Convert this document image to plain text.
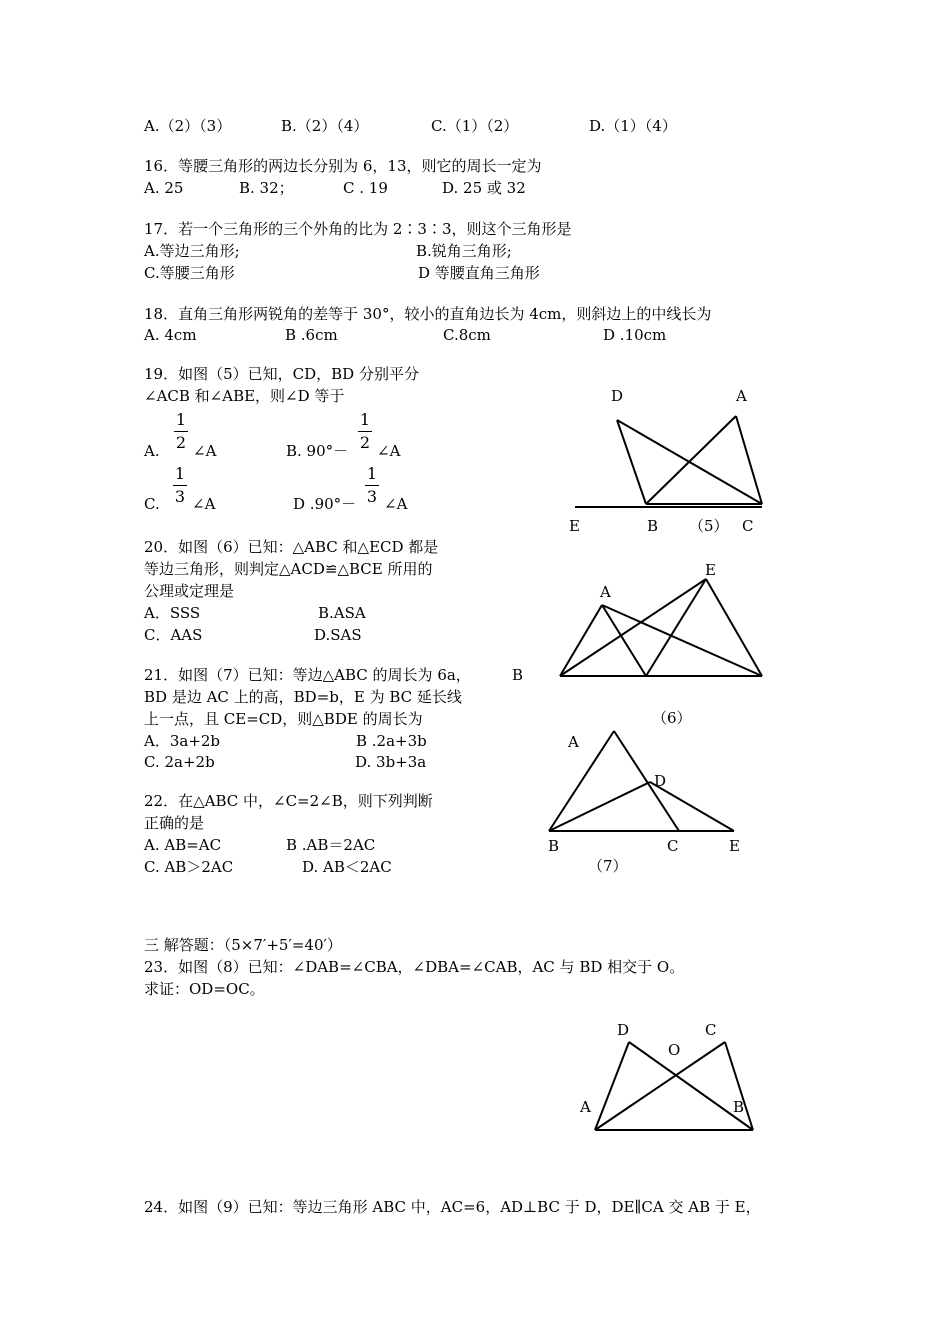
A.（2）（3）	B.（2）（4）	C.（1）（2）	D.（1）（4）
16．等腰三角形的两边长分别为 6，13，则它的周长一定为
A. 25	B. 32；	C . 19	D. 25 或 32
17．若一个三角形的三个外角的比为 2∶3∶3，则这个三角形是
A.等边三角形;	B.锐角三角形;
C.等腰三角形	D 等腰直角三角形
18．直角三角形两锐角的差等于 30°，较小的直角边长为 4cm，则斜边上的中线长为
A. 4cm	B .6cm	C.8cm	D .10cm
19．如图（5）已知，CD，BD 分别平分
∠ACB 和∠ABE，则∠D 等于
A.
1
2 ∠A	B. 90°－
1
2 ∠A
C.
1
3 ∠A	D .90°－
1
3 ∠A
20．如图（6）已知：△ABC 和△ECD 都是
等边三角形，则判定△ACD≌△BCE 所用的
公理或定理是
A．SSS	B.ASA
C．AAS	D.SAS
21．如图（7）已知：等边△ABC 的周长为 6a，
BD 是边 AC 上的高，BD=b，E 为 BC 延长线
上一点，且 CE=CD，则△BDE 的周长为
A．3a+2b	B .2a+3b
C. 2a+2b	D. 3b+3a
22．在△ABC 中，∠C=2∠B，则下列判断
正确的是
A. AB=AC	B .AB＝2AC
C. AB＞2AC	D. AB＜2AC
三 解答题：（5×7′+5′=40′）
23．如图（8）已知：∠DAB=∠CBA，∠DBA=∠CAB，AC 与 BD 相交于 O。
求证：OD=OC。
24．如图（9）已知：等边三角形 ABC 中，AC=6，AD⊥BC 于 D，DE∥CA 交 AB 于 E，
D	A
E	B （5） C
A
E
B
（6）
A
D
B	C	E
（7）
D	C
O
A	B
